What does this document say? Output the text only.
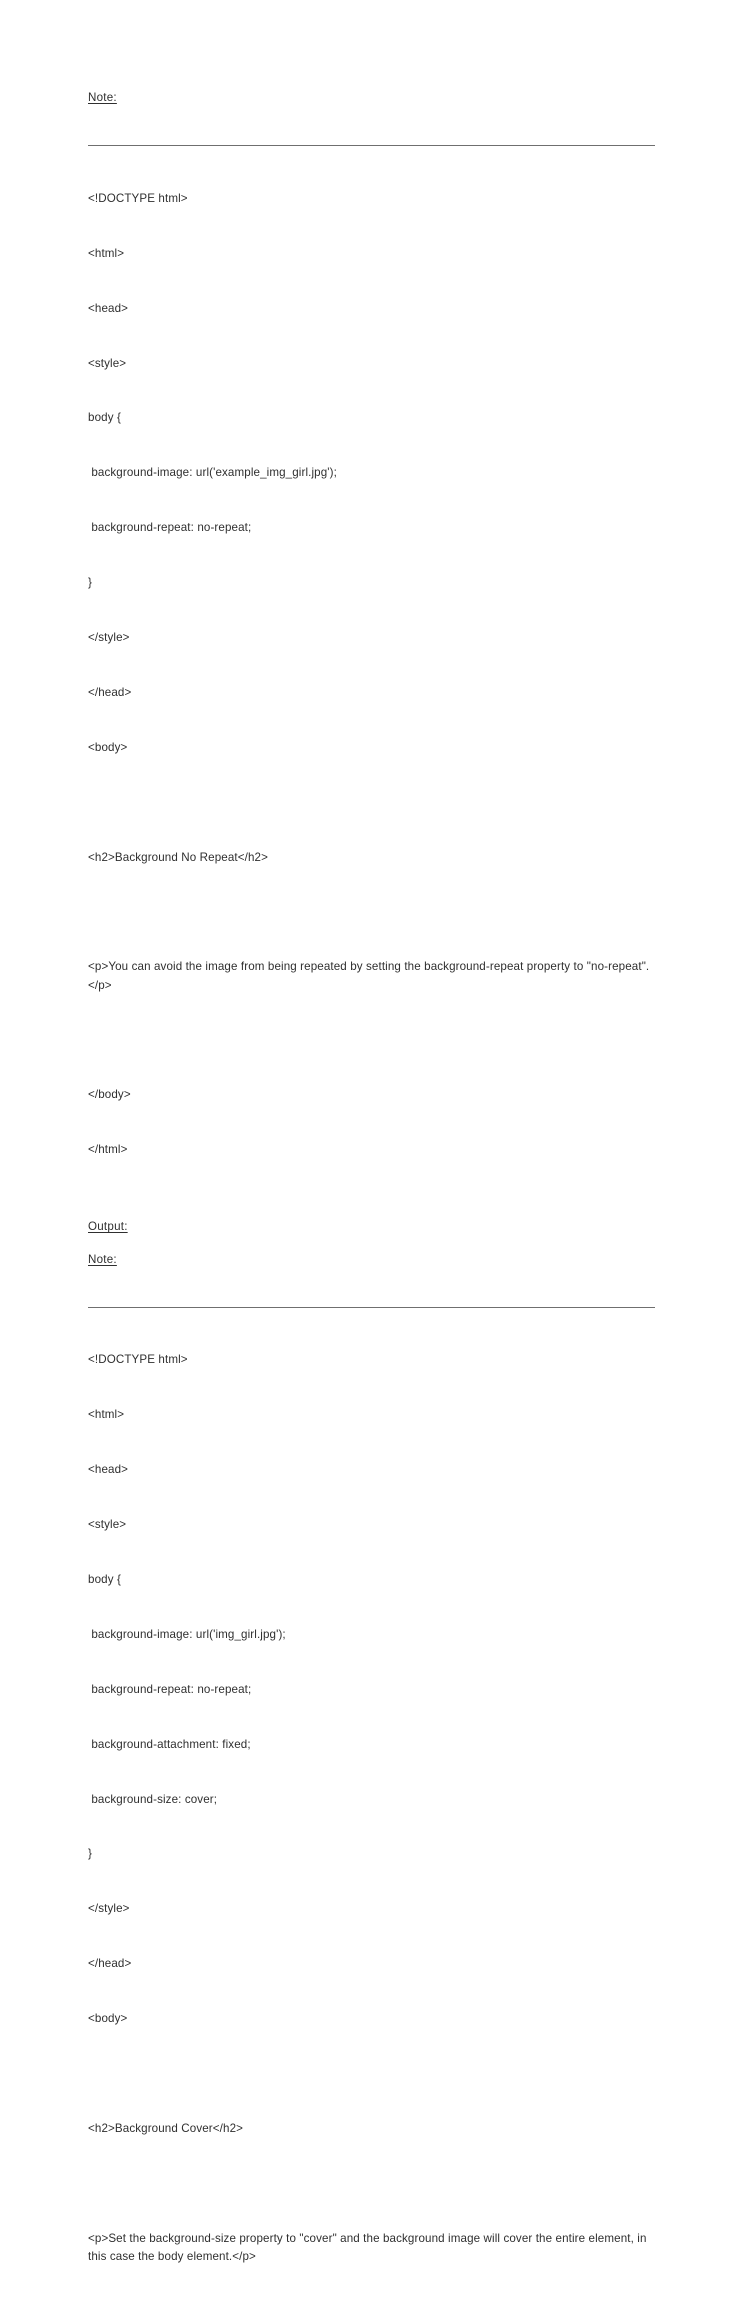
Note:

<!DOCTYPE html>

<html>

<head>

<style>

body {

background-image: url('example_img_girl.jpg');

background-repeat: no-repeat;

}

</style>

</head>

<body>

<h2>Background No Repeat</h2>

<p>You can avoid the image from being repeated by setting the background-repeat property to "no-repeat".</p>

</body>

</html>

Output:
Note:

<!DOCTYPE html>

<html>

<head>

<style>

body {

background-image: url('img_girl.jpg');

background-repeat: no-repeat;

background-attachment: fixed;

background-size: cover;

}

</style>

</head>

<body>

<h2>Background Cover</h2>

<p>Set the background-size property to "cover" and the background image will cover the entire element, in this case the body element.</p>
